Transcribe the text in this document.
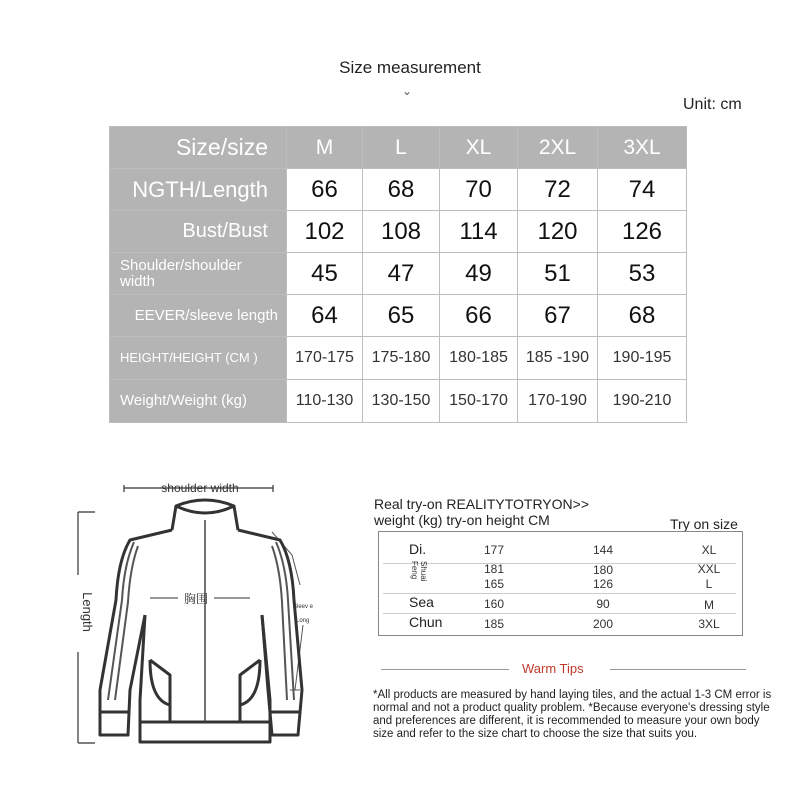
Size measurement
⌄
Unit: cm
Size/size	M	L	XL	2XL	3XL
NGTH/Length	66	68	70	72	74
Bust/Bust	102	108	114	120	126
Shoulder/shoulder width	45	47	49	51	53
EEVER/sleeve length	64	65	66	67	68
HEIGHT/HEIGHT (CM )	170-175	175-180	180-185	185 -190	190-195
Weight/Weight (kg)	110-130	130-150	150-170	170-190	190-210
shoulder width
Length	Sleev e
Long
胸围
Real try-on REALITYTOTRYON>>
weight (kg) try-on height CM	Try on size
Di.	177	144	XL
Shuai Feng	181	180	XXL
165	126	L
Sea	160	90	M
Chun	185	200	3XL
Warm Tips
*All products are measured by hand laying tiles, and the actual 1-3 CM error is normal and not a product quality problem. *Because everyone's dressing style and preferences are different, it is recommended to measure your own body size and refer to the size chart to choose the size that suits you.
